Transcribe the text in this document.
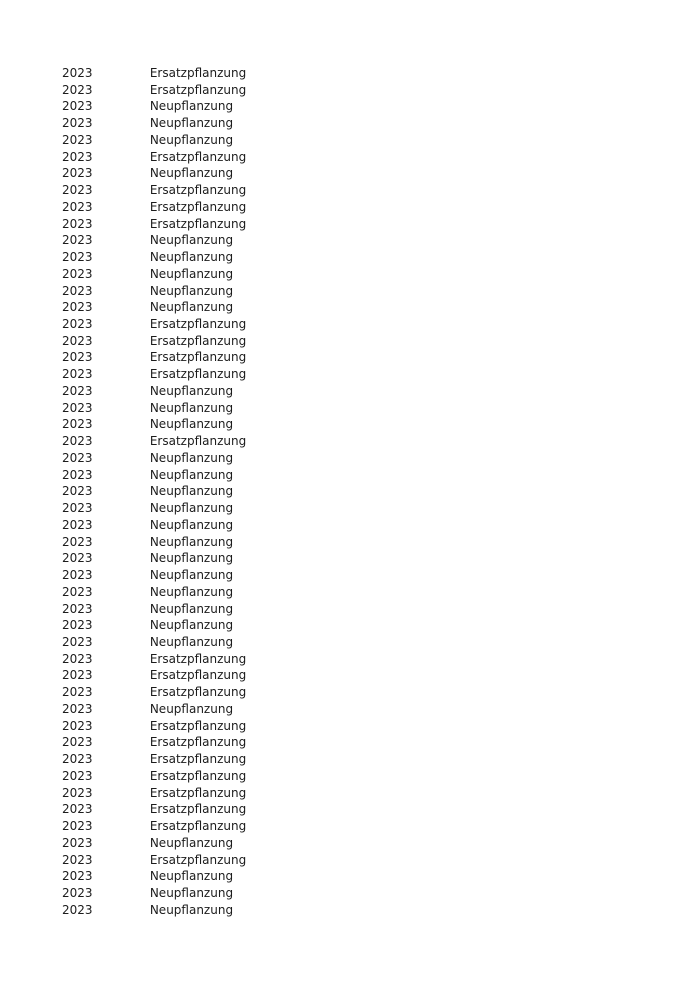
2023	Ersatzpflanzung
2023	Ersatzpflanzung
2023	Neupflanzung
2023	Neupflanzung
2023	Neupflanzung
2023	Ersatzpflanzung
2023	Neupflanzung
2023	Ersatzpflanzung
2023	Ersatzpflanzung
2023	Ersatzpflanzung
2023	Neupflanzung
2023	Neupflanzung
2023	Neupflanzung
2023	Neupflanzung
2023	Neupflanzung
2023	Ersatzpflanzung
2023	Ersatzpflanzung
2023	Ersatzpflanzung
2023	Ersatzpflanzung
2023	Neupflanzung
2023	Neupflanzung
2023	Neupflanzung
2023	Ersatzpflanzung
2023	Neupflanzung
2023	Neupflanzung
2023	Neupflanzung
2023	Neupflanzung
2023	Neupflanzung
2023	Neupflanzung
2023	Neupflanzung
2023	Neupflanzung
2023	Neupflanzung
2023	Neupflanzung
2023	Neupflanzung
2023	Neupflanzung
2023	Ersatzpflanzung
2023	Ersatzpflanzung
2023	Ersatzpflanzung
2023	Neupflanzung
2023	Ersatzpflanzung
2023	Ersatzpflanzung
2023	Ersatzpflanzung
2023	Ersatzpflanzung
2023	Ersatzpflanzung
2023	Ersatzpflanzung
2023	Ersatzpflanzung
2023	Neupflanzung
2023	Ersatzpflanzung
2023	Neupflanzung
2023	Neupflanzung
2023	Neupflanzung
